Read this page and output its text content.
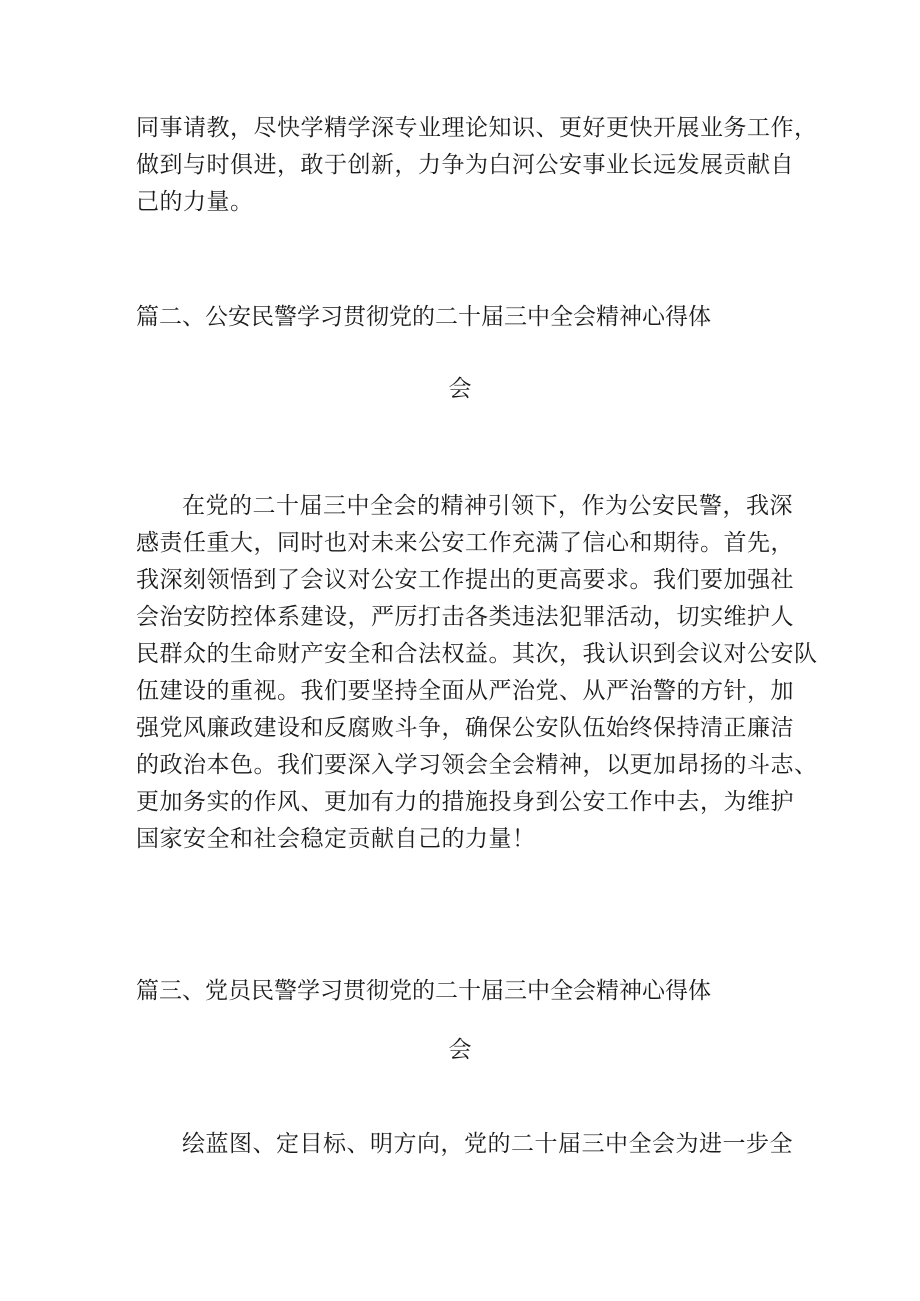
同事请教，尽快学精学深专业理论知识、更好更快开展业务工作，
做到与时俱进，敢于创新，力争为白河公安事业长远发展贡献自
己的力量。
篇二、公安民警学习贯彻党的二十届三中全会精神心得体
会
在党的二十届三中全会的精神引领下，作为公安民警，我深
感责任重大，同时也对未来公安工作充满了信心和期待。首先，
我深刻领悟到了会议对公安工作提出的更高要求。我们要加强社
会治安防控体系建设，严厉打击各类违法犯罪活动，切实维护人
民群众的生命财产安全和合法权益。其次，我认识到会议对公安队
伍建设的重视。我们要坚持全面从严治党、从严治警的方针，加
强党风廉政建设和反腐败斗争，确保公安队伍始终保持清正廉洁
的政治本色。我们要深入学习领会全会精神，以更加昂扬的斗志、
更加务实的作风、更加有力的措施投身到公安工作中去，为维护
国家安全和社会稳定贡献自己的力量！
篇三、党员民警学习贯彻党的二十届三中全会精神心得体
会
绘蓝图、定目标、明方向，党的二十届三中全会为进一步全
